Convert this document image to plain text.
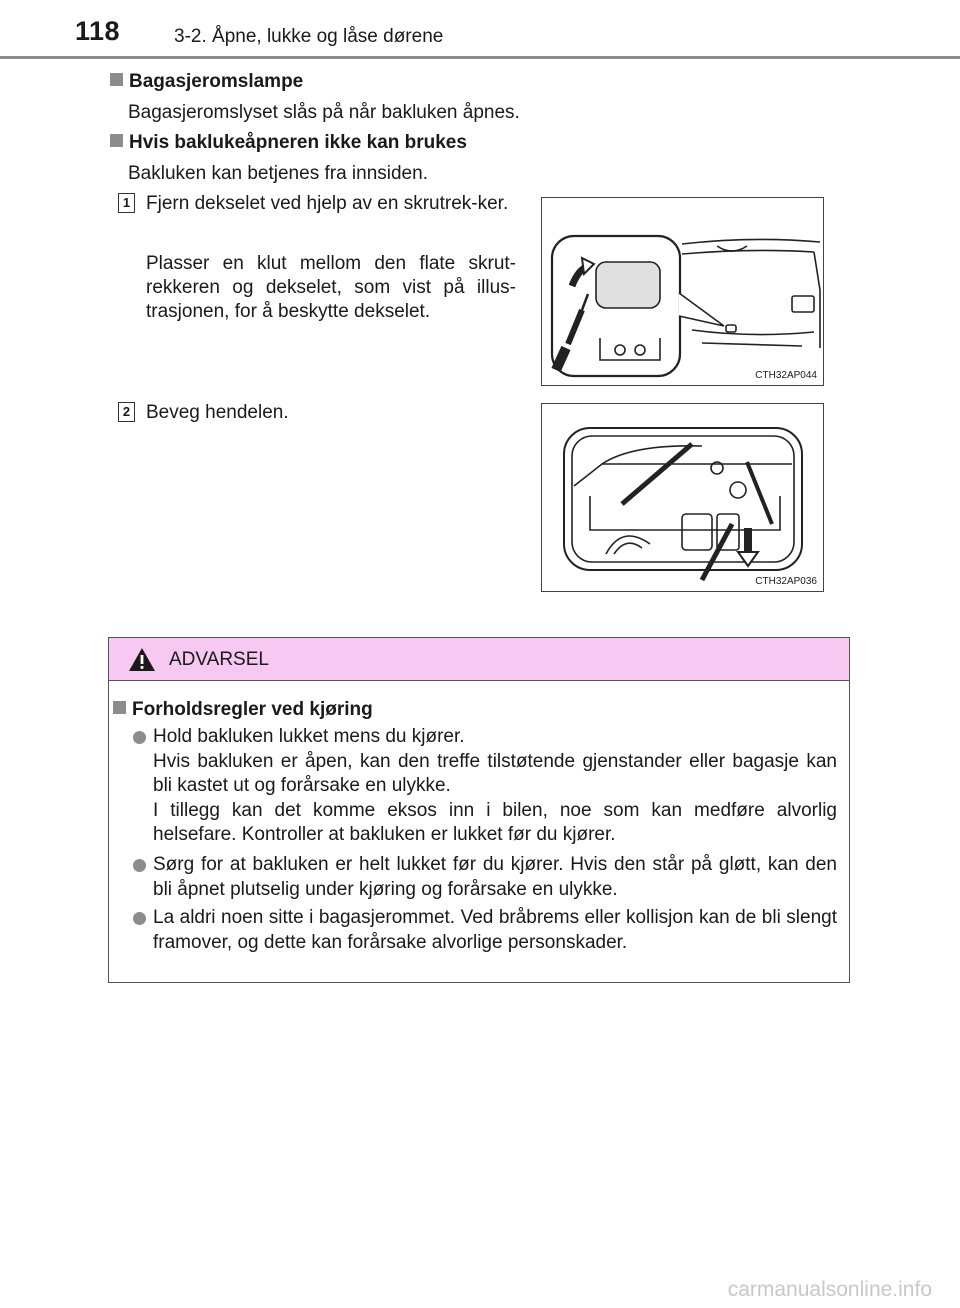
118	3-2. Åpne, lukke og låse dørene
Bagasjeromslampe
Bagasjeromslyset slås på når bakluken åpnes.
Hvis baklukeåpneren ikke kan brukes
Bakluken kan betjenes fra innsiden.
1 Fjern dekselet ved hjelp av en skrutrek-ker.
Plasser en klut mellom den flate skrut-rekkeren og dekselet, som vist på illus-trasjonen, for å beskytte dekselet.
CTH32AP044
2 Beveg hendelen.
CTH32AP036
ADVARSEL
Forholdsregler ved kjøring
Hold bakluken lukket mens du kjører.
Hvis bakluken er åpen, kan den treffe tilstøtende gjenstander eller bagasje kan bli kastet ut og forårsake en ulykke.
I tillegg kan det komme eksos inn i bilen, noe som kan medføre alvorlig helsefare. Kontroller at bakluken er lukket før du kjører.
Sørg for at bakluken er helt lukket før du kjører. Hvis den står på gløtt, kan den bli åpnet plutselig under kjøring og forårsake en ulykke.
La aldri noen sitte i bagasjerommet. Ved bråbrems eller kollisjon kan de bli slengt framover, og dette kan forårsake alvorlige personskader.
carmanualsonline.info
